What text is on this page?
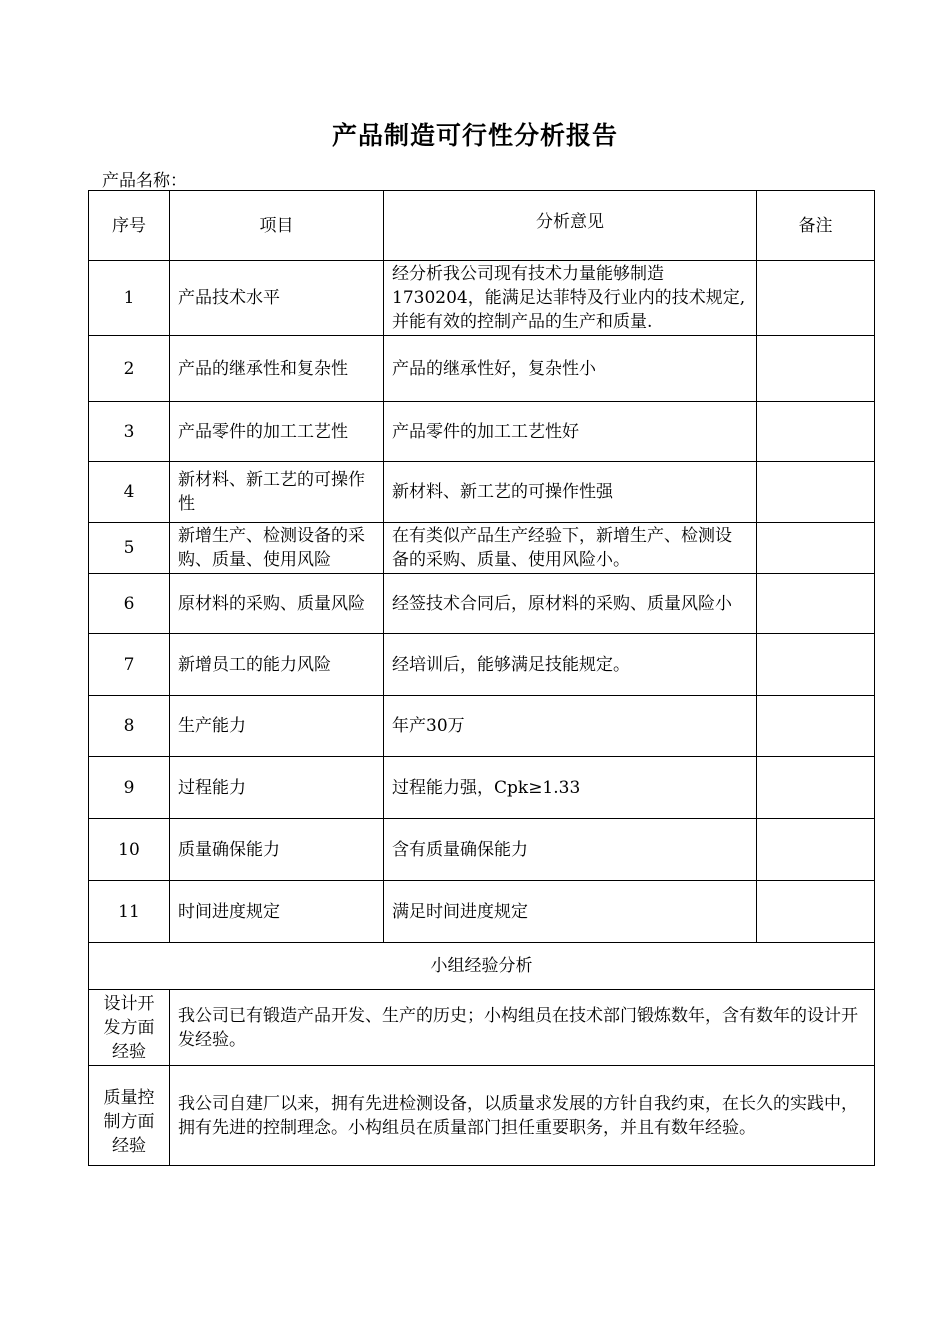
产品制造可行性分析报告
产品名称：
序号	项目	分析意见	备注
1	产品技术水平	经分析我公司现有技术力量能够制造1730204，能满足达菲特及行业内的技术规定,并能有效的控制产品的生产和质量.	
2	产品的继承性和复杂性	产品的继承性好，复杂性小	
3	产品零件的加工工艺性	产品零件的加工工艺性好	
4	新材料、新工艺的可操作性	新材料、新工艺的可操作性强	
5	新增生产、检测设备的采购、质量、使用风险	在有类似产品生产经验下，新增生产、检测设备的采购、质量、使用风险小。	
6	原材料的采购、质量风险	经签技术合同后，原材料的采购、质量风险小	
7	新增员工的能力风险	经培训后，能够满足技能规定。	
8	生产能力	年产30万	
9	过程能力	过程能力强，Cpk≥1.33	
10	质量确保能力	含有质量确保能力	
11	时间进度规定	满足时间进度规定	
小组经验分析			
设计开发方面经验	我公司已有锻造产品开发、生产的历史；小构组员在技术部门锻炼数年，含有数年的设计开发经验。		
质量控制方面经验	我公司自建厂以来，拥有先进检测设备，以质量求发展的方针自我约束，在长久的实践中，拥有先进的控制理念。小构组员在质量部门担任重要职务，并且有数年经验。		
